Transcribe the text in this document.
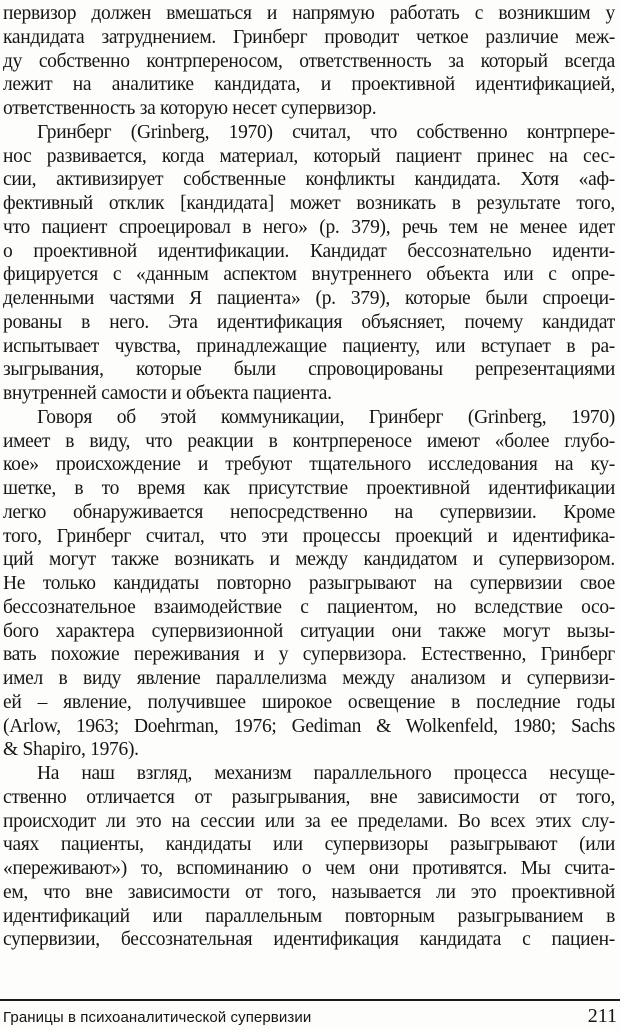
первизор должен вмешаться и напрямую работать с возникшим у
кандидата затруднением. Гринберг проводит четкое различие меж-
ду собственно контрпереносом, ответственность за который всегда
лежит на аналитике кандидата, и проективной идентификацией,
ответственность за которую несет супервизор.
Гринберг (Grinberg, 1970) считал, что собственно контрпере-
нос развивается, когда материал, который пациент принес на сес-
сии, активизирует собственные конфликты кандидата. Хотя «аф-
фективный отклик [кандидата] может возникать в результате того,
что пациент спроецировал в него» (p. 379), речь тем не менее идет
о проективной идентификации. Кандидат бессознательно иденти-
фицируется с «данным аспектом внутреннего объекта или с опре-
деленными частями Я пациента» (p. 379), которые были спроеци-
рованы в него. Эта идентификация объясняет, почему кандидат
испытывает чувства, принадлежащие пациенту, или вступает в ра-
зыгрывания, которые были спровоцированы репрезентациями
внутренней самости и объекта пациента.
Говоря об этой коммуникации, Гринберг (Grinberg, 1970)
имеет в виду, что реакции в контрпереносе имеют «более глубо-
кое» происхождение и требуют тщательного исследования на ку-
шетке, в то время как присутствие проективной идентификации
легко обнаруживается непосредственно на супервизии. Кроме
того, Гринберг считал, что эти процессы проекций и идентифика-
ций могут также возникать и между кандидатом и супервизором.
Не только кандидаты повторно разыгрывают на супервизии свое
бессознательное взаимодействие с пациентом, но вследствие осо-
бого характера супервизионной ситуации они также могут вызы-
вать похожие переживания и у супервизора. Естественно, Гринберг
имел в виду явление параллелизма между анализом и супервизи-
ей – явление, получившее широкое освещение в последние годы
(Arlow, 1963; Doehrman, 1976; Gediman & Wolkenfeld, 1980; Sachs
& Shapiro, 1976).
На наш взгляд, механизм параллельного процесса несуще-
ственно отличается от разыгрывания, вне зависимости от того,
происходит ли это на сессии или за ее пределами. Во всех этих слу-
чаях пациенты, кандидаты или супервизоры разыгрывают (или
«переживают») то, вспоминанию о чем они противятся. Мы счита-
ем, что вне зависимости от того, называется ли это проективной
идентификаций или параллельным повторным разыгрыванием в
супервизии, бессознательная идентификация кандидата с пациен-
Границы в психоаналитической супервизии	211
